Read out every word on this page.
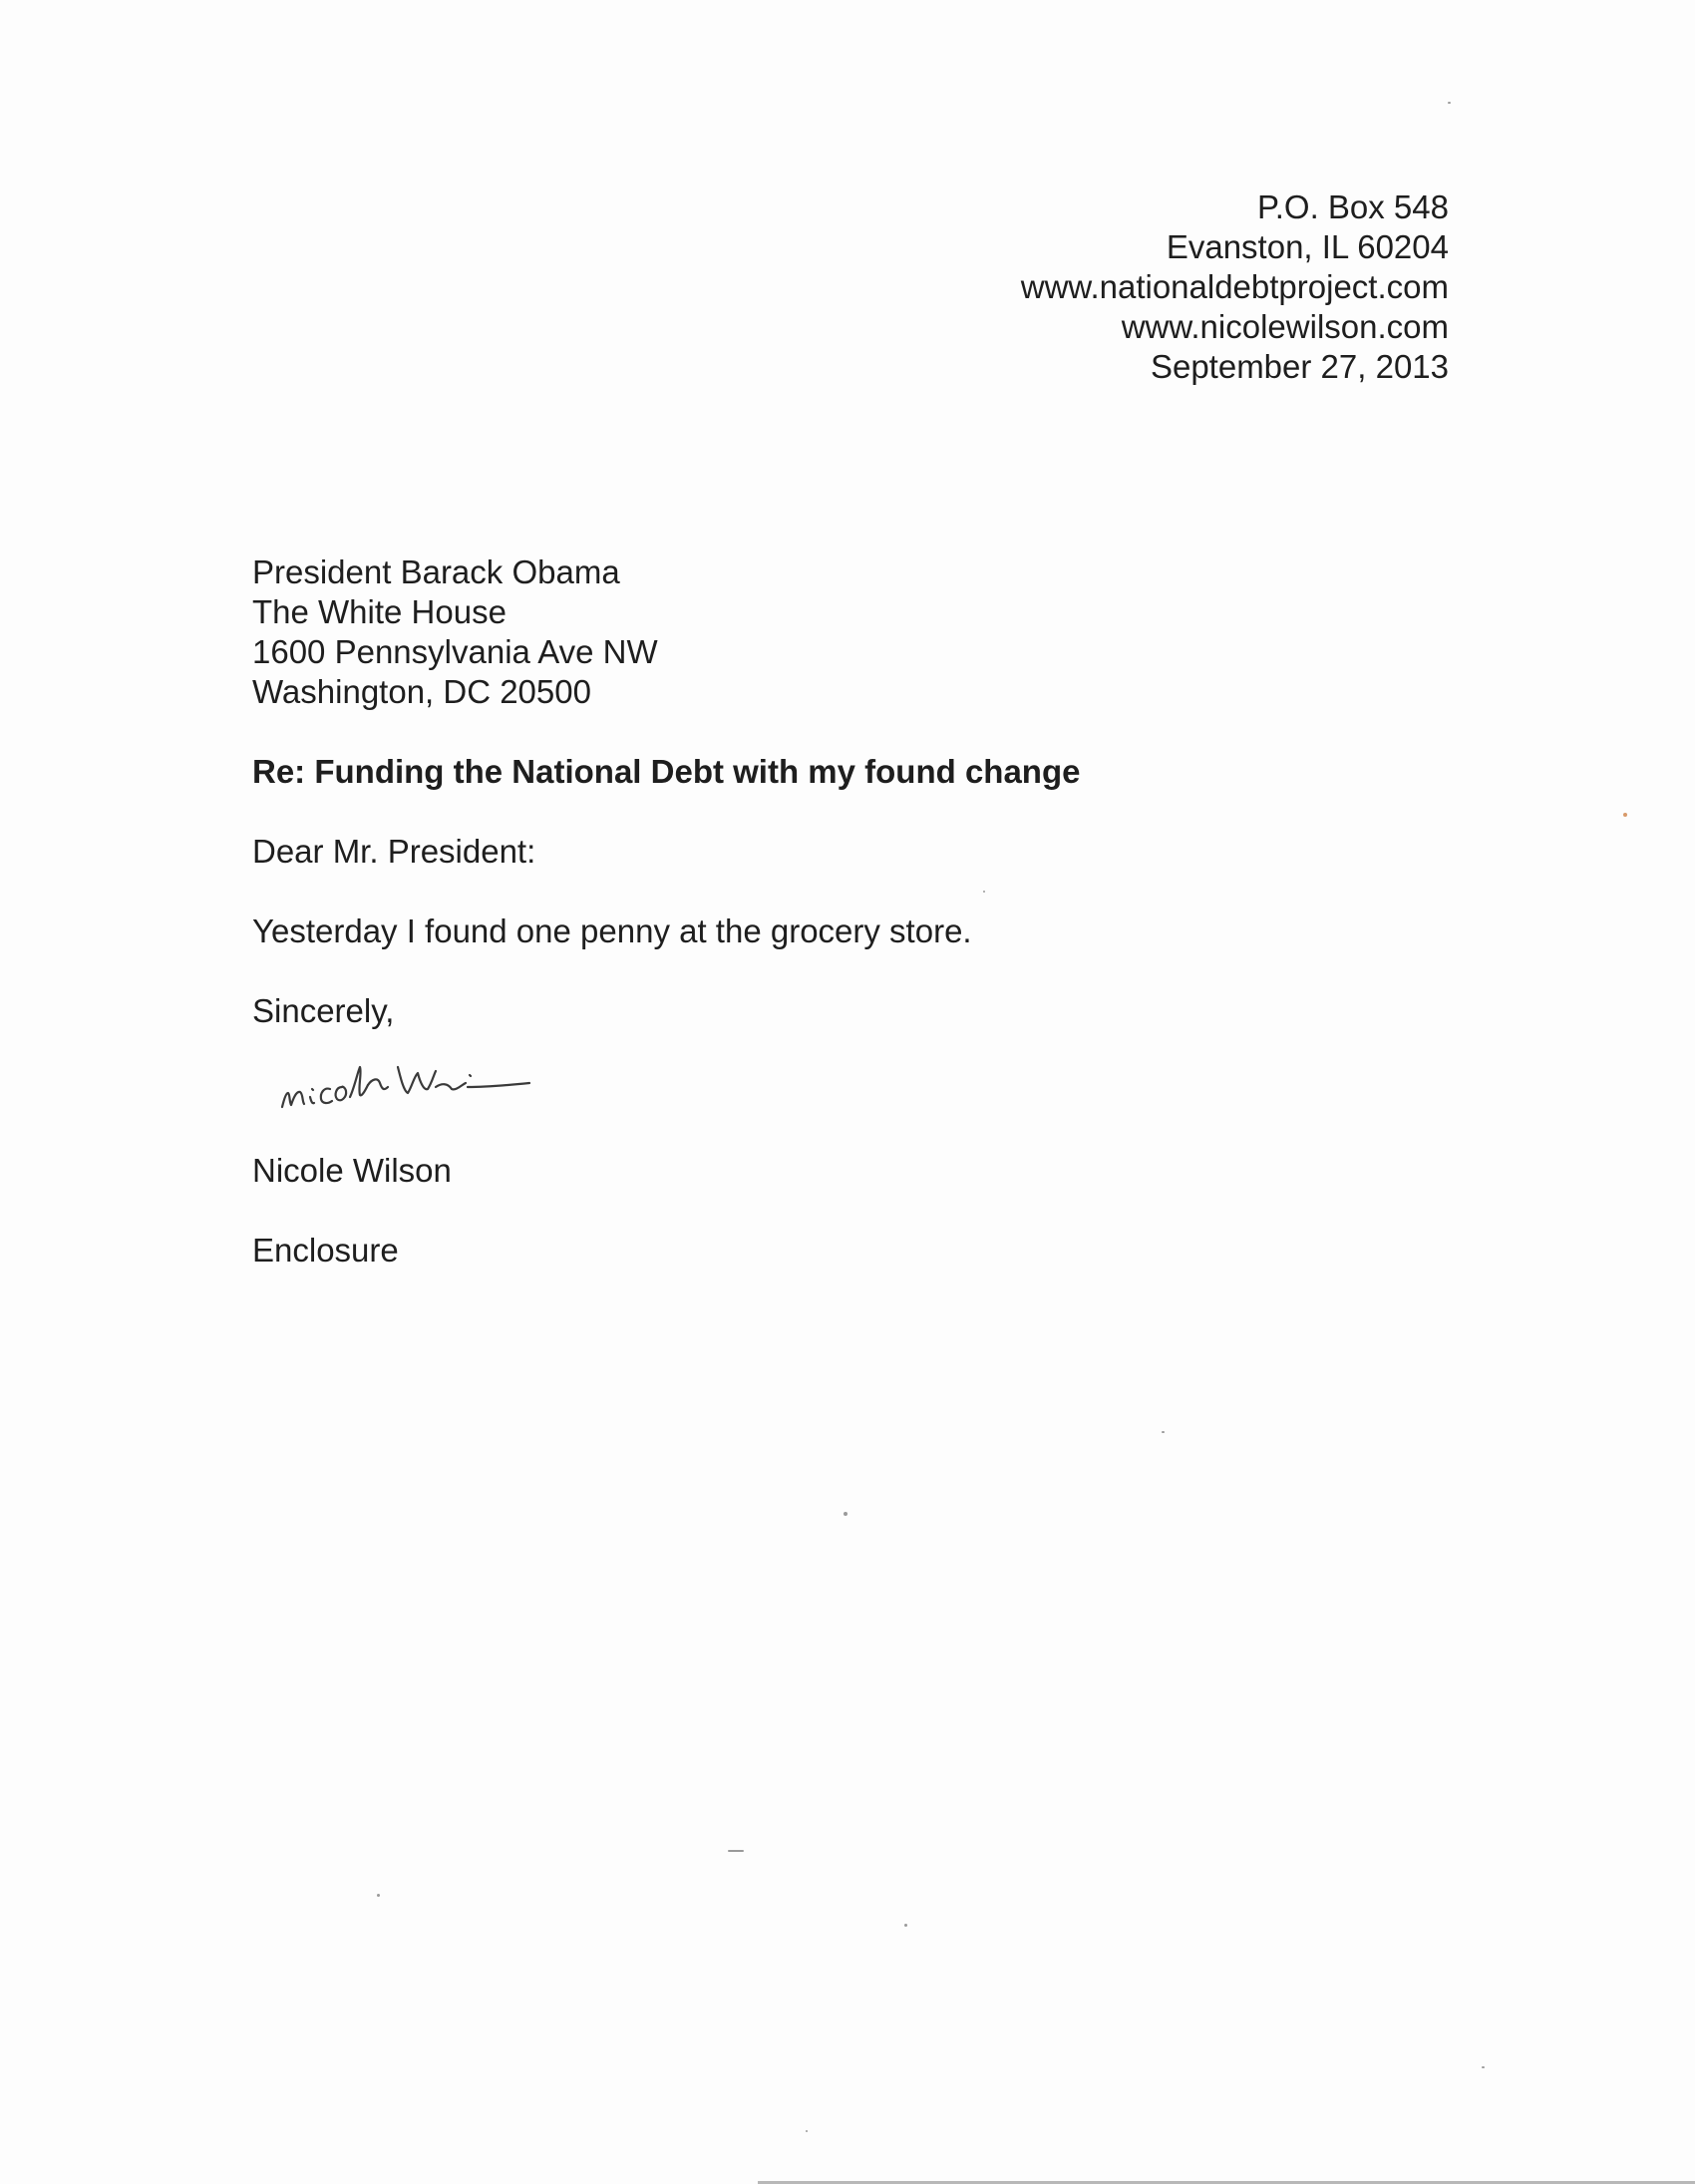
P.O. Box 548
Evanston, IL 60204
www.nationaldebtproject.com
www.nicolewilson.com
September 27, 2013
President Barack Obama
The White House
1600 Pennsylvania Ave NW
Washington, DC 20500
Re: Funding the National Debt with my found change
Dear Mr. President:
Yesterday I found one penny at the grocery store.
Sincerely,
Nicole Wilson
Enclosure
